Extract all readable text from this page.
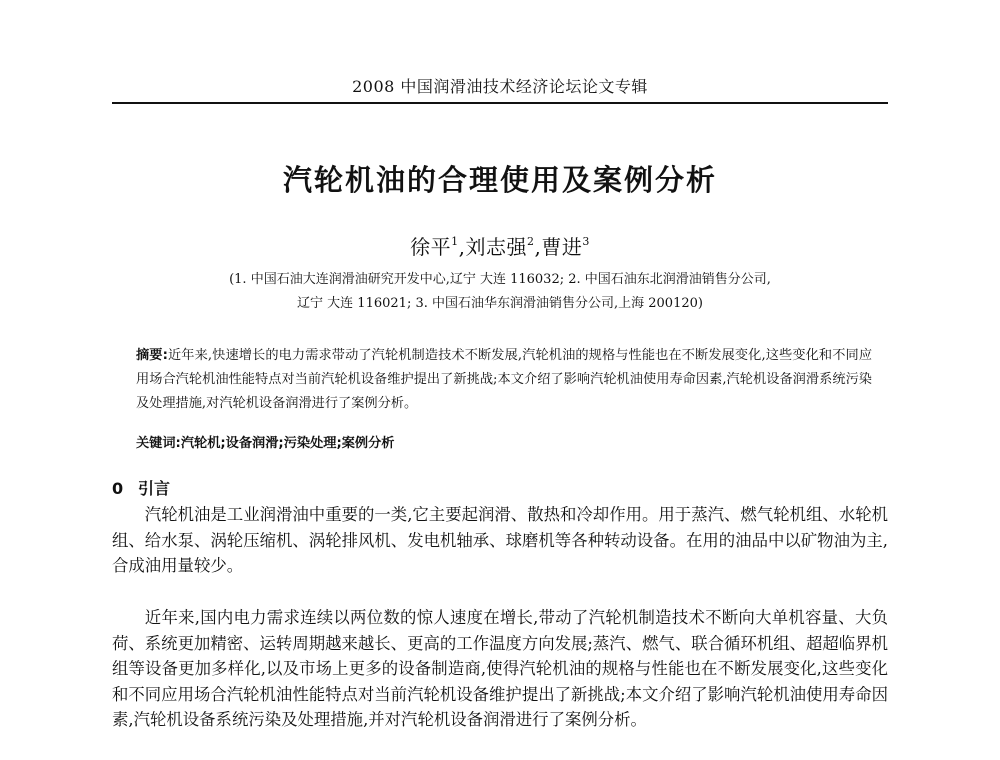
2008 中国润滑油技术经济论坛论文专辑
汽轮机油的合理使用及案例分析
徐平$^1$,刘志强$^2$,曹进$^3$
(1. 中国石油大连润滑油研究开发中心,辽宁 大连 116032; 2. 中国石油东北润滑油销售分公司,
辽宁 大连 116021; 3. 中国石油华东润滑油销售分公司,上海 200120)
摘要:近年来,快速增长的电力需求带动了汽轮机制造技术不断发展,汽轮机油的规格与性能也在不断发展变化,这些变化和不同应用场合汽轮机油性能特点对当前汽轮机设备维护提出了新挑战;本文介绍了影响汽轮机油使用寿命因素,汽轮机设备润滑系统污染及处理措施,对汽轮机设备润滑进行了案例分析。
关键词:汽轮机;设备润滑;污染处理;案例分析
0 引言
汽轮机油是工业润滑油中重要的一类,它主要起润滑、散热和冷却作用。用于蒸汽、燃气轮机组、水轮机组、给水泵、涡轮压缩机、涡轮排风机、发电机轴承、球磨机等各种转动设备。在用的油品中以矿物油为主,合成油用量较少。
近年来,国内电力需求连续以两位数的惊人速度在增长,带动了汽轮机制造技术不断向大单机容量、大负荷、系统更加精密、运转周期越来越长、更高的工作温度方向发展;蒸汽、燃气、联合循环机组、超超临界机组等设备更加多样化,以及市场上更多的设备制造商,使得汽轮机油的规格与性能也在不断发展变化,这些变化和不同应用场合汽轮机油性能特点对当前汽轮机设备维护提出了新挑战;本文介绍了影响汽轮机油使用寿命因素,汽轮机设备系统污染及处理措施,并对汽轮机设备润滑进行了案例分析。
